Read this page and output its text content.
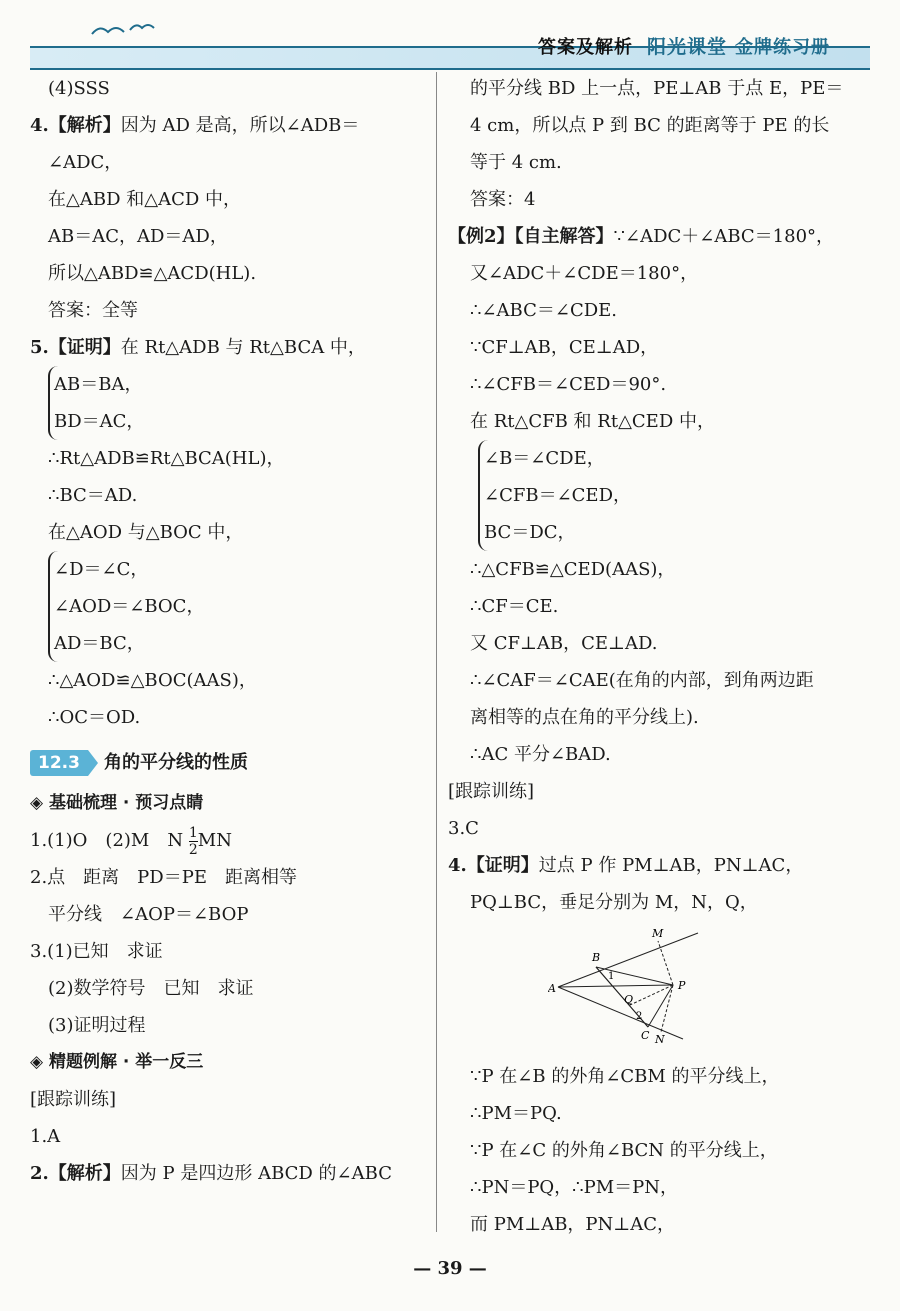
答案及解析 阳光课堂 金牌练习册
(4)SSS
4.【解析】因为 AD 是高，所以∠ADB＝
∠ADC，
在△ABD 和△ACD 中，
AB＝AC，AD＝AD，
所以△ABD≌△ACD(HL).
答案：全等
5.【证明】在 Rt△ADB 与 Rt△BCA 中，
AB＝BA，
BD＝AC，
∴Rt△ADB≌Rt△BCA(HL)，
∴BC＝AD.
在△AOD 与△BOC 中，
∠D＝∠C，
∠AOD＝∠BOC，
AD＝BC，
∴△AOD≌△BOC(AAS)，
∴OC＝OD.
12.3	角的平分线的性质
◈ 基础梳理 · 预习点睛
1.(1)O　(2)M　N $\frac{1}{2}$ MN
2.点　距离　PD＝PE　距离相等
平分线　∠AOP＝∠BOP
3.(1)已知　求证
(2)数学符号　已知　求证
(3)证明过程
◈ 精题例解 · 举一反三
[跟踪训练]
1.A
2.【解析】因为 P 是四边形 ABCD 的∠ABC
的平分线 BD 上一点，PE⊥AB 于点 E，PE＝
4 cm，所以点 P 到 BC 的距离等于 PE 的长
等于 4 cm.
答案：4
【例2】【自主解答】∵∠ADC＋∠ABC＝180°，
又∠ADC＋∠CDE＝180°，
∴∠ABC＝∠CDE.
∵CF⊥AB，CE⊥AD，
∴∠CFB＝∠CED＝90°.
在 Rt△CFB 和 Rt△CED 中，
∠B＝∠CDE，
∠CFB＝∠CED，
BC＝DC，
∴△CFB≌△CED(AAS)，
∴CF＝CE.
又 CF⊥AB，CE⊥AD.
∴∠CAF＝∠CAE(在角的内部，到角两边距
离相等的点在角的平分线上).
∴AC 平分∠BAD.
[跟踪训练]
3.C
4.【证明】过点 P 作 PM⊥AB，PN⊥AC，
PQ⊥BC，垂足分别为 M，N，Q，
A
B
C
M
N
P
Q
1
2
∵P 在∠B 的外角∠CBM 的平分线上，
∴PM＝PQ.
∵P 在∠C 的外角∠BCN 的平分线上，
∴PN＝PQ，∴PM＝PN，
而 PM⊥AB，PN⊥AC，
— 39 —
